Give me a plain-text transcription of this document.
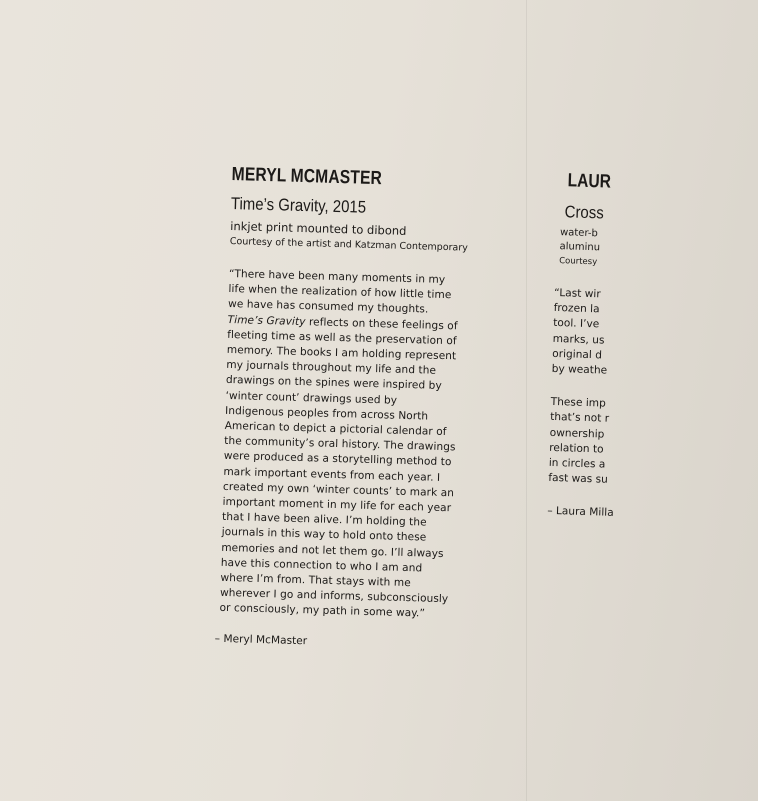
MERYL MCMASTER
Time’s Gravity, 2015
inkjet print mounted to dibond
Courtesy of the artist and Katzman Contemporary

“There have been many moments in my life when the realization of how little time we have has consumed my thoughts. Time’s Gravity reflects on these feelings of fleeting time as well as the preservation of memory. The books I am holding represent my journals throughout my life and the drawings on the spines were inspired by ‘winter count’ drawings used by Indigenous peoples from across North American to depict a pictorial calendar of the community’s oral history. The drawings were produced as a storytelling method to mark important events from each year. I created my own ‘winter counts’ to mark an important moment in my life for each year that I have been alive. I’m holding the journals in this way to hold onto these memories and not let them go. I’ll always have this connection to who I am and where I’m from. That stays with me wherever I go and informs, subconsciously or consciously, my path in some way.”

– Meryl McMaster
LAUR
Cross
water-b
aluminu
Courtesy

“Last wir

frozen la

tool. I’ve

marks, us

original d

by weathe

These imp

that’s not r

ownership

relation to

in circles a

fast was su

– Laura Milla
